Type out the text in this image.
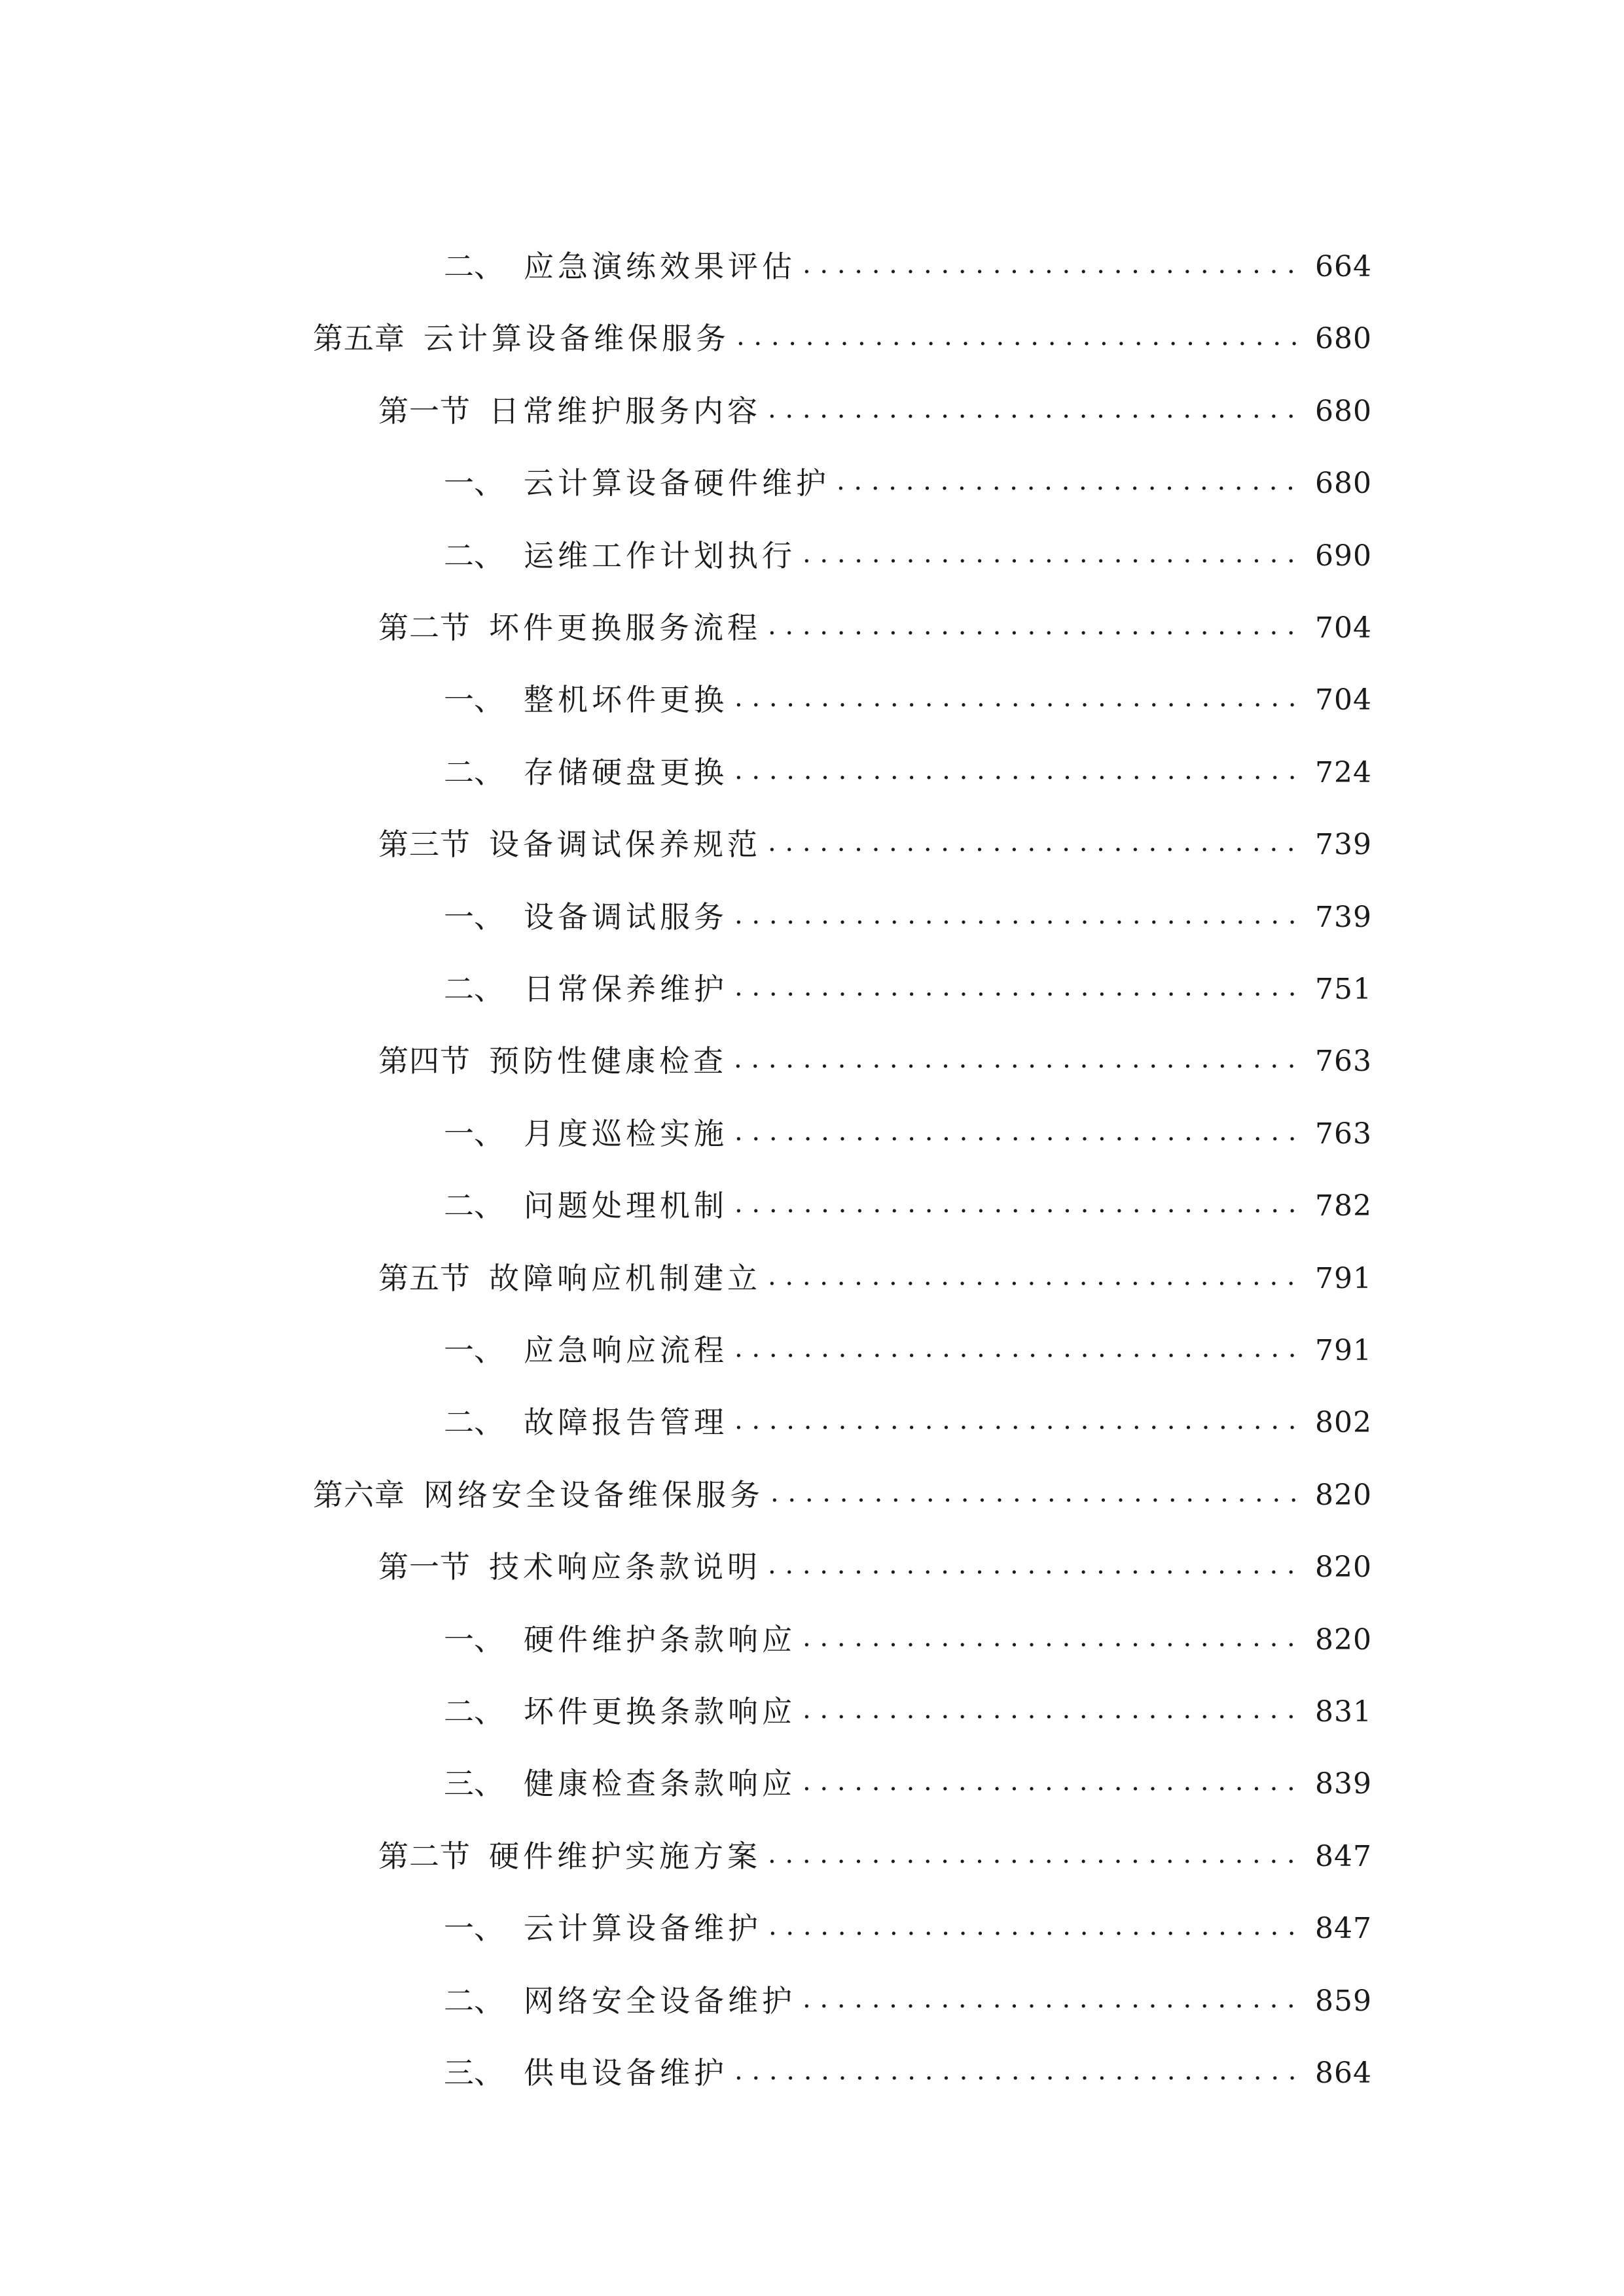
二、 应急演练效果评估 . . .	664
第五章 云计算设备维保服务 . . .	680
第一节 日常维护服务内容 . . .	680
一、 云计算设备硬件维护 . . .	680
二、 运维工作计划执行 . . .	690
第二节 坏件更换服务流程 . . .	704
一、 整机坏件更换 . . .	704
二、 存储硬盘更换 . . .	724
第三节 设备调试保养规范 . . .	739
一、 设备调试服务 . . .	739
二、 日常保养维护 . . .	751
第四节 预防性健康检查 . . .	763
一、 月度巡检实施 . . .	763
二、 问题处理机制 . . .	782
第五节 故障响应机制建立 . . .	791
一、 应急响应流程 . . .	791
二、 故障报告管理 . . .	802
第六章 网络安全设备维保服务 . . .	820
第一节 技术响应条款说明 . . .	820
一、 硬件维护条款响应 . . .	820
二、 坏件更换条款响应 . . .	831
三、 健康检查条款响应 . . .	839
第二节 硬件维护实施方案 . . .	847
一、 云计算设备维护 . . .	847
二、 网络安全设备维护 . . .	859
三、 供电设备维护 . . .	864
